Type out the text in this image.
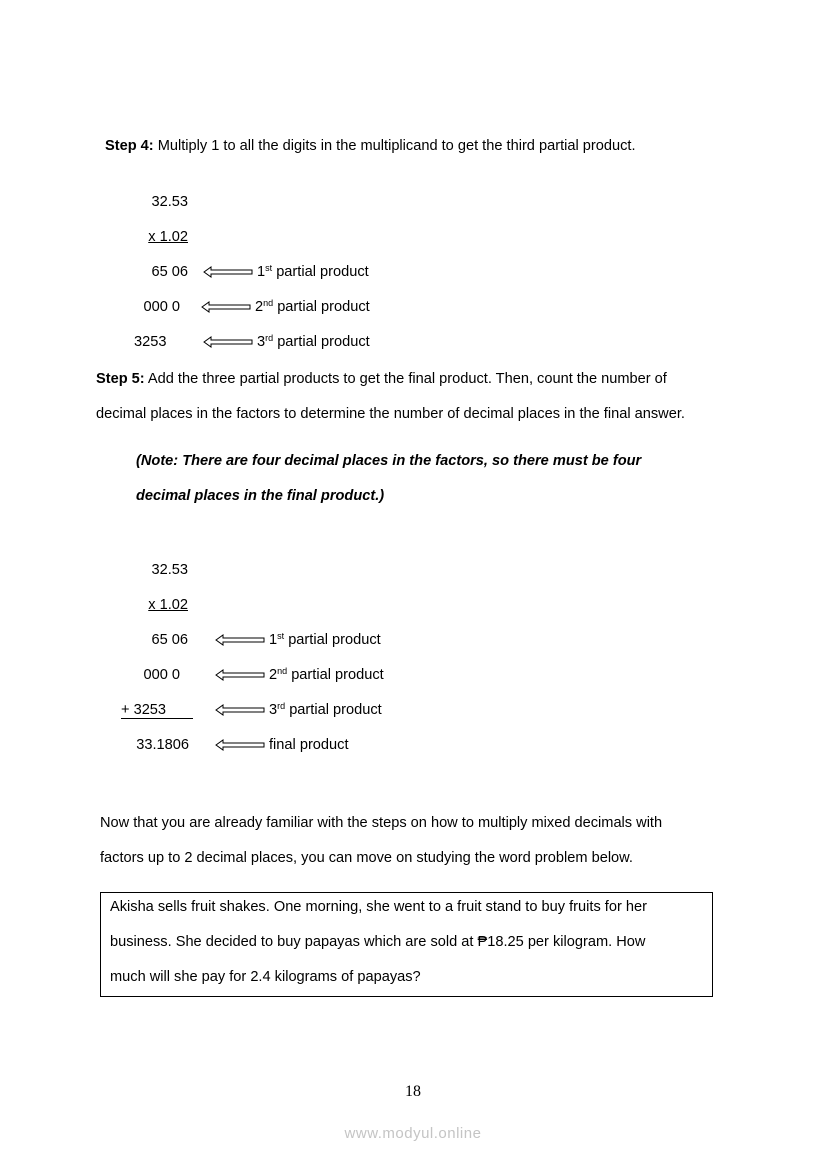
Step 4: Multiply 1 to all the digits in the multiplicand to get the third partial product.
32.53
x 1.02
65 06	1st partial product
000 0	2nd partial product
3253	3rd partial product
Step 5: Add the three partial products to get the final product. Then, count the number of
decimal places in the factors to determine the number of decimal places in the final answer.
(Note: There are four decimal places in the factors, so there must be four
decimal places in the final product.)
32.53
x 1.02
65 06	1st partial product
000 0	2nd partial product
+ 3253	3rd partial product
33.1806	final product
Now that you are already familiar with the steps on how to multiply mixed decimals with
factors up to 2 decimal places, you can move on studying the word problem below.
Akisha sells fruit shakes. One morning, she went to a fruit stand to buy fruits for her
business. She decided to buy papayas which are sold at ₱18.25 per kilogram. How
much will she pay for 2.4 kilograms of papayas?
18
www.modyul.online
